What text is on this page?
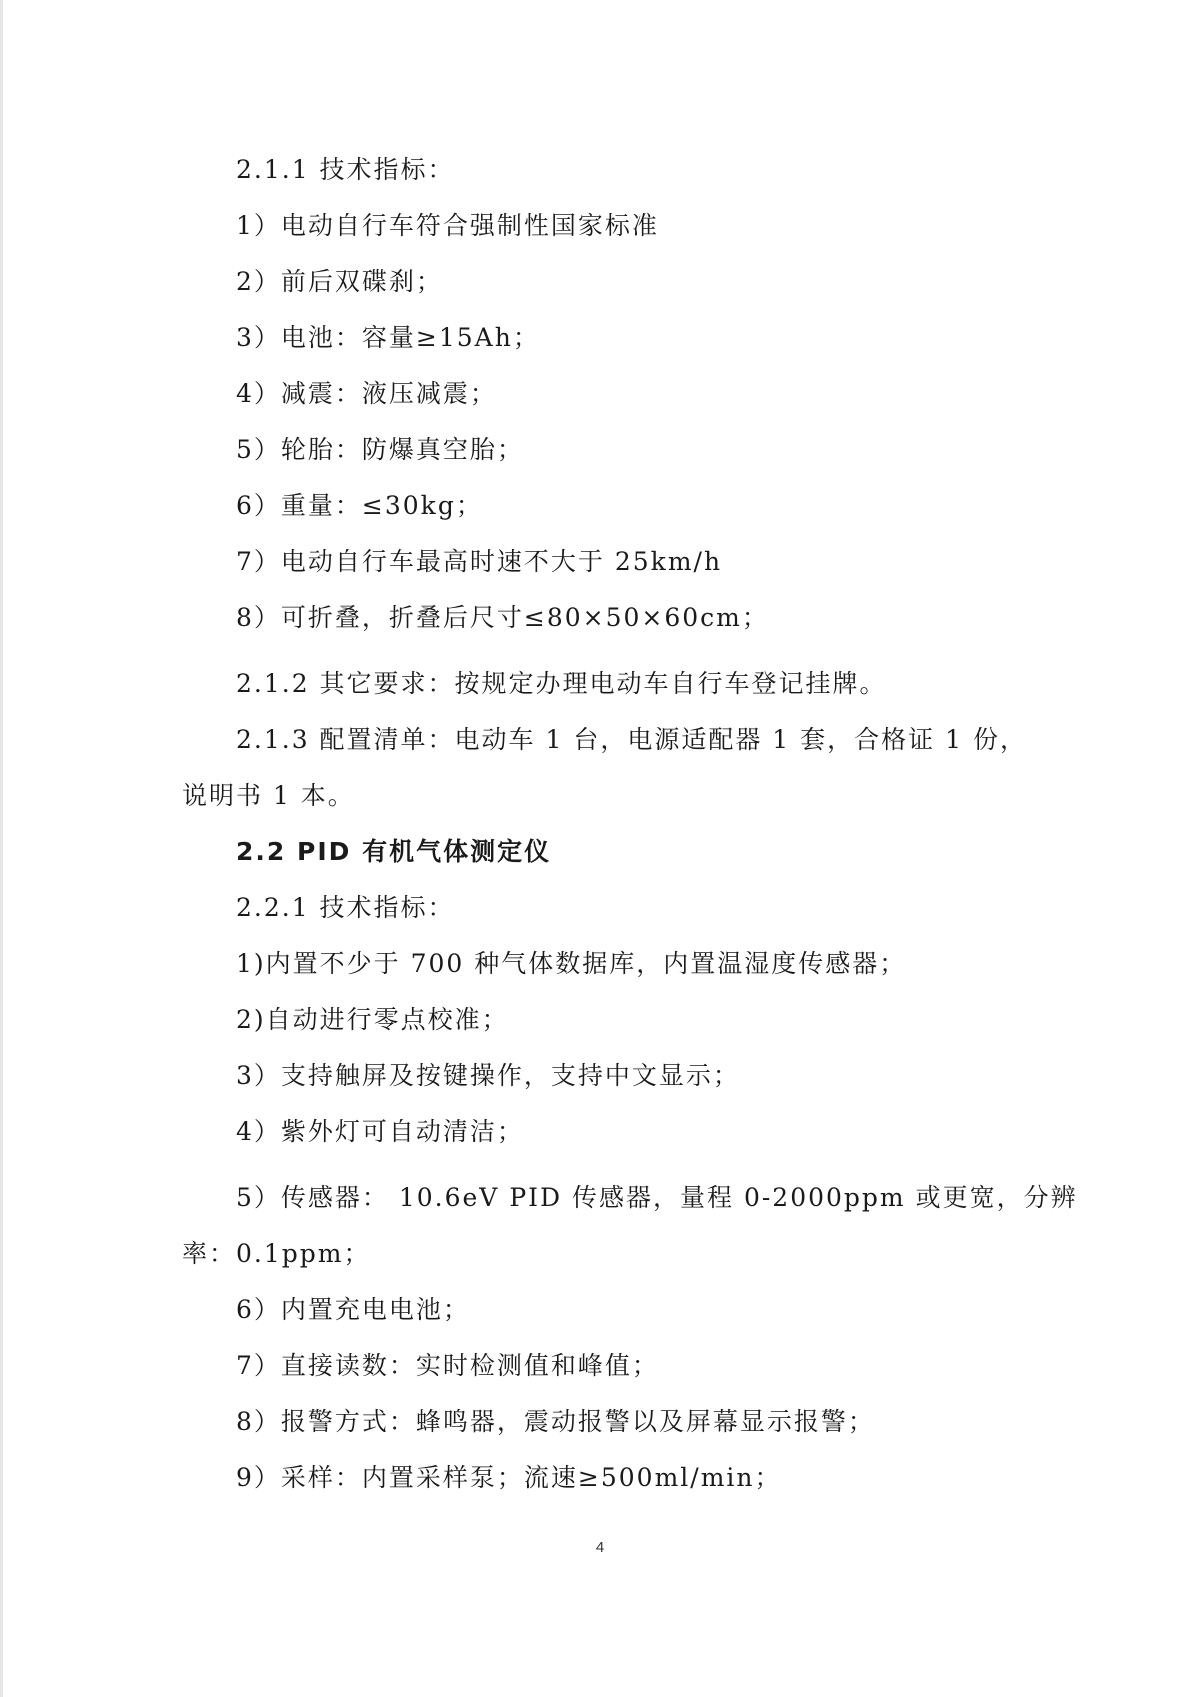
2.1.1 技术指标：
1）电动自行车符合强制性国家标准
2）前后双碟刹；
3）电池：容量≥15Ah；
4）减震：液压减震；
5）轮胎：防爆真空胎；
6）重量：≤30kg；
7）电动自行车最高时速不大于 25km/h
8）可折叠，折叠后尺寸≤80×50×60cm；
2.1.2 其它要求：按规定办理电动车自行车登记挂牌。
2.1.3 配置清单：电动车 1 台，电源适配器 1 套，合格证 1 份，
说明书 1 本。
2.2 PID 有机气体测定仪
2.2.1 技术指标：
1)内置不少于 700 种气体数据库，内置温湿度传感器；
2)自动进行零点校准；
3）支持触屏及按键操作，支持中文显示；
4）紫外灯可自动清洁；
5）传感器： 10.6eV PID 传感器，量程 0-2000ppm 或更宽，分辨
率：0.1ppm；
6）内置充电电池；
7）直接读数：实时检测值和峰值；
8）报警方式：蜂鸣器，震动报警以及屏幕显示报警；
9）采样：内置采样泵；流速≥500ml/min；
4
